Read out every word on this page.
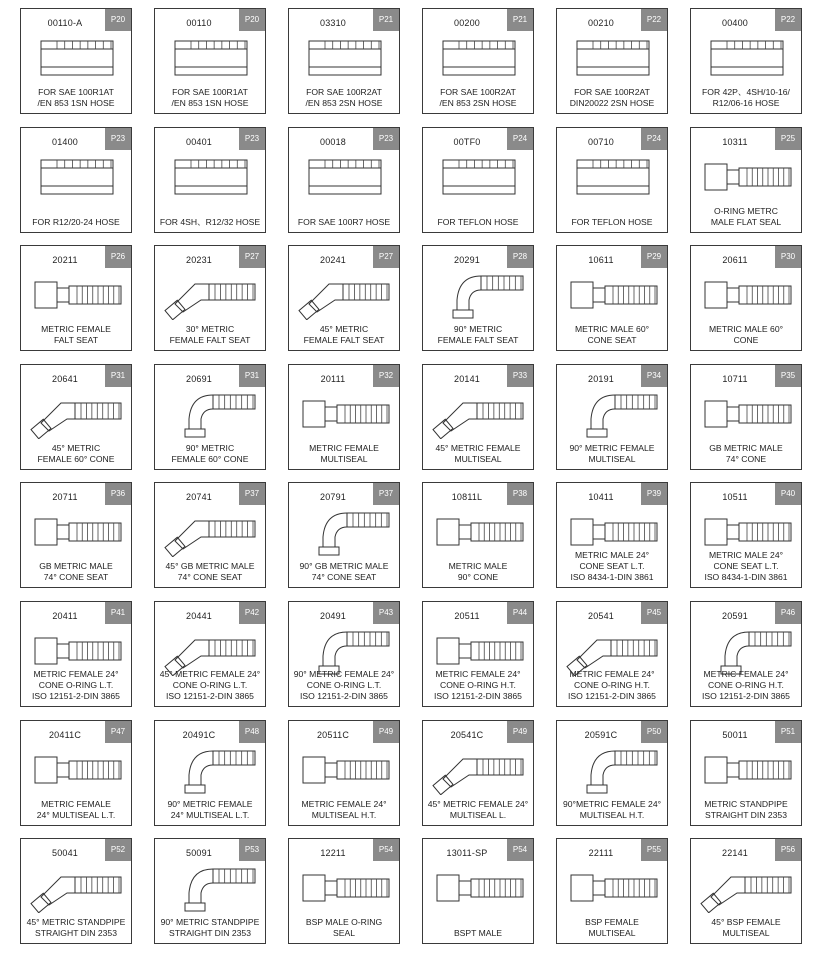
P20
00110-A
FOR SAE 100R1AT
/EN 853 1SN HOSE
P20
00110
FOR SAE 100R1AT
/EN 853 1SN HOSE
P21
03310
FOR SAE 100R2AT
/EN 853 2SN HOSE
P21
00200
FOR SAE 100R2AT
/EN 853 2SN HOSE
P22
00210
FOR SAE 100R2AT
DIN20022 2SN HOSE
P22
00400
FOR 42P、4SH/10-16/
R12/06-16 HOSE
P23
01400
FOR R12/20-24 HOSE
P23
00401
FOR 4SH、R12/32 HOSE
P23
00018
FOR SAE 100R7 HOSE
P24
00TF0
FOR TEFLON HOSE
P24
00710
FOR TEFLON HOSE
P25
10311
O-RING METRC
MALE FLAT SEAL
P26
20211
METRIC FEMALE
FALT SEAT
P27
20231
30° METRIC
FEMALE FALT SEAT
P27
20241
45° METRIC
FEMALE FALT SEAT
P28
20291
90° METRIC
FEMALE FALT SEAT
P29
10611
METRIC MALE 60°
CONE SEAT
P30
20611
METRIC MALE 60°
CONE
P31
20641
45° METRIC
FEMALE 60° CONE
P31
20691
90° METRIC
FEMALE 60° CONE
P32
20111
METRIC FEMALE
MULTISEAL
P33
20141
45° METRIC FEMALE
MULTISEAL
P34
20191
90° METRIC FEMALE
MULTISEAL
P35
10711
GB METRIC MALE
74° CONE
P36
20711
GB METRIC MALE
74° CONE SEAT
P37
20741
45° GB METRIC MALE
74° CONE SEAT
P37
20791
90° GB METRIC MALE
74° CONE SEAT
P38
10811L
METRIC MALE
90° CONE
P39
10411
METRIC MALE 24°
CONE SEAT L.T.
ISO 8434-1-DIN 3861
P40
10511
METRIC MALE 24°
CONE SEAT L.T.
ISO 8434-1-DIN 3861
P41
20411
METRIC FEMALE 24°
CONE O-RING L.T.
ISO 12151-2-DIN 3865
P42
20441
45° METRIC FEMALE 24°
CONE O-RING L.T.
ISO 12151-2-DIN 3865
P43
20491
90° METRIC FEMALE 24°
CONE O-RING L.T.
ISO 12151-2-DIN 3865
P44
20511
METRIC FEMALE 24°
CONE O-RING H.T.
ISO 12151-2-DIN 3865
P45
20541
METRIC FEMALE 24°
CONE O-RING H.T.
ISO 12151-2-DIN 3865
P46
20591
METRIC FEMALE 24°
CONE O-RING H.T.
ISO 12151-2-DIN 3865
P47
20411C
METRIC FEMALE
24° MULTISEAL L.T.
P48
20491C
90° METRIC FEMALE
24° MULTISEAL L.T.
P49
20511C
METRIC FEMALE 24°
MULTISEAL H.T.
P49
20541C
45° METRIC FEMALE 24°
MULTISEAL L.
P50
20591C
90°METRIC FEMALE 24°
MULTISEAL H.T.
P51
50011
METRIC STANDPIPE
STRAIGHT DIN 2353
P52
50041
45° METRIC STANDPIPE
STRAIGHT DIN 2353
P53
50091
90° METRIC STANDPIPE
STRAIGHT DIN 2353
P54
12211
BSP MALE O-RING
SEAL
P54
13011-SP
BSPT MALE
P55
22111
BSP FEMALE
MULTISEAL
P56
22141
45° BSP FEMALE
MULTISEAL
